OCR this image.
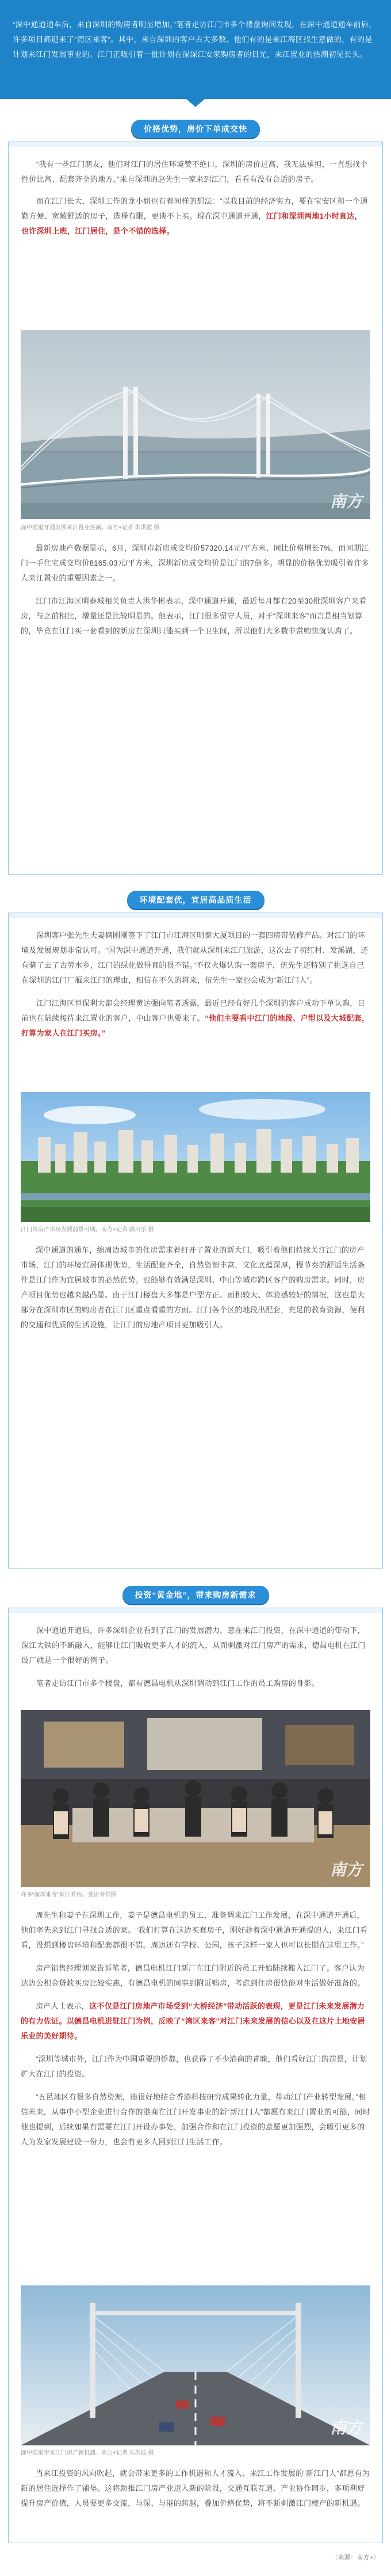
“深中通道通车后，来自深圳的购房者明显增加。”笔者走访江门市多个楼盘询问发现，在深中通道通车前后，许多项目都迎来了“湾区来客”。其中，来自深圳的客户占大多数。他们有的是来江海区找生意做的，有的是计划来江门发展事业的。江门正吸引着一批计划在深深江安家购房者的目光，来江置业的热潮初见长头。

价格优势，房价下单成交快

“我有一些江门朋友，他们对江门的居住环境赞不绝口，深圳的房价过高，我无法承担，一直想找个性价比高、配套齐全的地方。”来自深圳的赵先生一家来到江门，看看有没有合适的房子。

而在江门长大、深圳工作的龙小姐也有着同样的想法：“以我目前的经济实力，要在宝安区租一个通勤方便、宽敞舒适的房子，选择有限，更谈不上买。现在深中通道开通，江门和深圳两地1小时直达，也许深圳上班，江门居住，是个不错的选择。

南方
深中通道开通发展来江置业热潮。南方+记者 朱洪波 摄

最新房地产数据显示，6月，深圳市新房成交均价57320.14元/平方米，同比价格增长7%，而同期江门一手住宅成交均价8165.03元/平方米，深圳新房成交均价是江门的7倍多。明显的价格优势吸引着许多人来江置业的重要因素之一。

江门市江海区明泰城相关负责人洪华彬表示，深中通道开通，最近每月都有20至30批深圳客户来看房，与之前相比，增量还是比较明显的。他表示，江门很多留守人员，对于“深圳来客”而言是相当划算的，毕竟在江门买一套看到的新房在深圳只能买到一个卫生间，所以他们大多数非常购快就认购了。

环境配套优，宜居高品质生活

深圳客户张先生夫妻俩刚刚签下了江门市江海区明泰大厦项目的一套四房带装修产品。对江门的环境及发展规划非常认可。“因为深中通道开通，我们就从深圳来江门旅游，这次去了初红村、发溪湖，还有骑了去了古劳水乡，江门的绿化做得真的很不错。”不仅火爆认购一套房子，伍先生还特别了挑选自己在深圳的江门厂雁来江门的理由，相信在不久的将来，伍先生一家也会成为“新江门人”。

江门江海区恒保利大都会经理黄达强向笔者透露，最近已经有好几个深圳的客户成功下单认购，目前也在陆续接待来江置业的客户，中山客户也要来了。“他们主要看中江门的地段、户型以及大城配套，打算为家人在江门买房。”

江门市房产市场发展前景可期。南方+记者 骆川乐 摄

深中通道的通车，缩周边城市的住房需求着打开了置业的新大门，吸引着他们持续关注江门的房产市场，江门的环境宜居体现优势，生活配套齐全，自然资源丰富，文化底蕴深厚，慢节奏的舒适生活条件是江门作为宜居城市的必然优势。也能够有效满足深圳、中山等城市跨区客户的购房需求。同时，房产项目优势也越来越凸显。由于江门楼盘大多都是户型方正、面积较大、体验感较好的情况，这也是大部分在深圳市区的购房者在江门区重点看重的方面。江门各个区的地段出配套，充足的教育资源，便利的交通和优质的生活设施，让江门的房地产项目更加吸引人。

投资“黄金地”，带来购房新需求

深中通道开通后，许多深圳企业看到了江门的发展潜力，意在来江门投资，在深中通道的带动下，深江大铁的不断融入，能够让江门吸收更多人才的流入，从而刺激对江门房产的需求，德昌电机在江门设厂就是一个很好的例子。

笔者走访江门市多个楼盘，都有德昌电机从深圳调动到江门工作的员工购房的身影。

南方
许多“深圳来客”来江看房。受访者供图

周先生和妻子在深圳工作，妻子是德昌电机的员工，准备调来江门工作发展，在深中通道开通后，他们率先来到江门寻找合适的家。“我们打算在这边买套房子，刚好趁着深中通道开通提的人，来江门看看，没想到楼盘环境和配套都很不错。周边还有学校、公园，孩子这样一家人也可以长期在这里工作。”

房产销售经理刘家告诉笔者，德昌电机江门新厂在江门附近的员工开始陆续搬入江门了。客户认为达边公积金贷款买房比较实惠，有德昌电机的同事到附近购房，考虑到住房很快能对生活做好准备的。

房产人士表示，这不仅是江门房地产市场受到“大桥经济”带动活跃的表现，更是江门未来发展潜力的有力佐证。以德昌电机进驻江门为例，反映了“湾区来客”对江门未来发展的信心以及在这片土地安居乐业的美好期待。

“深圳等城市外，江门作为中国重要的侨都，也获得了不少港商的青睐，他们看好江门的前景，计划扩大在江门的投资。

“五邑地区有很多自然资源，能很好地结合香港科技研究成果转化力量，带动江门产业转型发展。”相信未来，从事中小型企业进行合作的港商在江门开发事业的新“新江门人”都愿有来江门置业的可能，同时他也提到，后续如果有需要在江门开设办事处，加强合作和在江门投资的意愿更加强烈，会吸引更多的人为发家发展建设一份力，也会有更多人回到江门生活工作。

南方
深中通道带来江门房产新机遇。南方+记者 朱洪波 摄

当来江投资的风向吹起，就会带来更多的工作机遇和人才流入。来江工作发展的“新江门人”都愿有为新的居住选择作了铺垫。这将助推江门房产业迈入新的阶段，交通互联互通、产业协作同步，多项利好提升房产价值，人员要更多交流，与深、与港的跨越，叠加价格优势，将不断刺激江门楼产的新机遇。

（来源：南方+）
